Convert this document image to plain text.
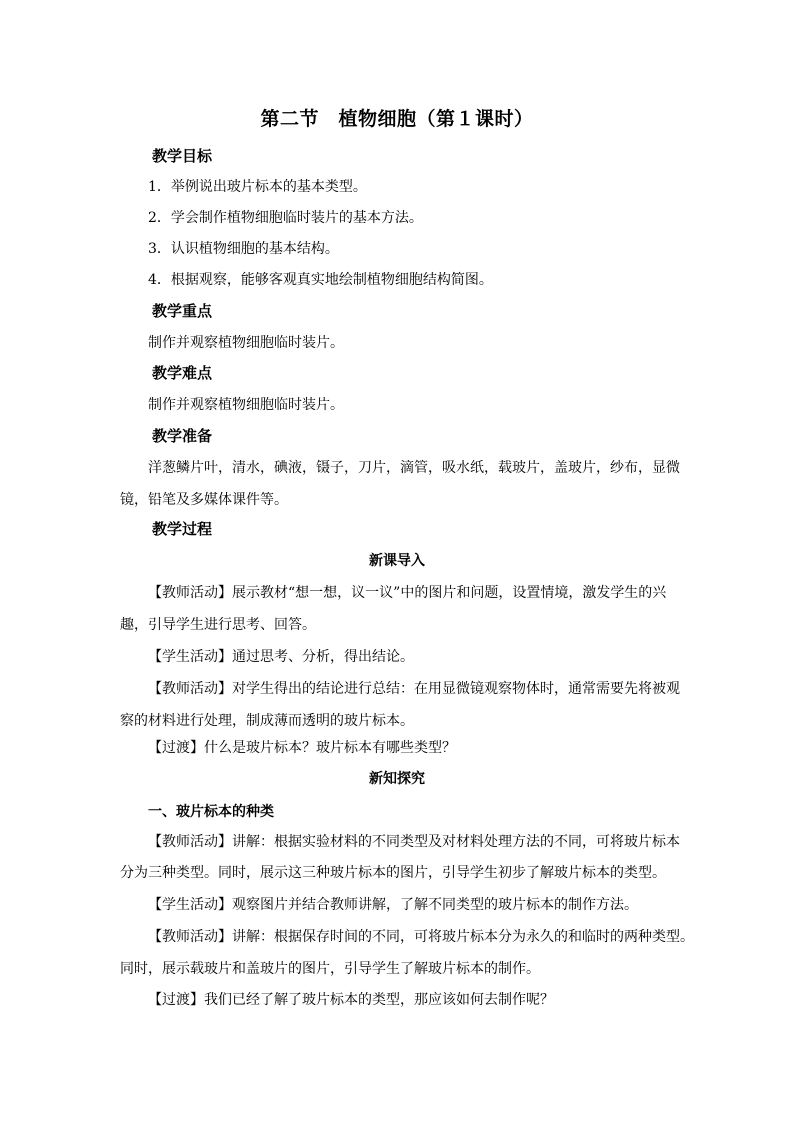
第二节　植物细胞（第１课时）
教学目标
1．举例说出玻片标本的基本类型。
2．学会制作植物细胞临时装片的基本方法。
3．认识植物细胞的基本结构。
4．根据观察，能够客观真实地绘制植物细胞结构简图。
教学重点
制作并观察植物细胞临时装片。
教学难点
制作并观察植物细胞临时装片。
教学准备
洋葱鳞片叶，清水，碘液，镊子，刀片，滴管，吸水纸，载玻片，盖玻片，纱布，显微
镜，铅笔及多媒体课件等。
教学过程
新课导入
【教师活动】展示教材“想一想，议一议”中的图片和问题，设置情境，激发学生的兴
趣，引导学生进行思考、回答。
【学生活动】通过思考、分析，得出结论。
【教师活动】对学生得出的结论进行总结：在用显微镜观察物体时，通常需要先将被观
察的材料进行处理，制成薄而透明的玻片标本。
【过渡】什么是玻片标本？玻片标本有哪些类型？
新知探究
一、玻片标本的种类
【教师活动】讲解：根据实验材料的不同类型及对材料处理方法的不同，可将玻片标本
分为三种类型。同时，展示这三种玻片标本的图片，引导学生初步了解玻片标本的类型。
【学生活动】观察图片并结合教师讲解，了解不同类型的玻片标本的制作方法。
【教师活动】讲解：根据保存时间的不同，可将玻片标本分为永久的和临时的两种类型。
同时，展示载玻片和盖玻片的图片，引导学生了解玻片标本的制作。
【过渡】我们已经了解了玻片标本的类型，那应该如何去制作呢？
